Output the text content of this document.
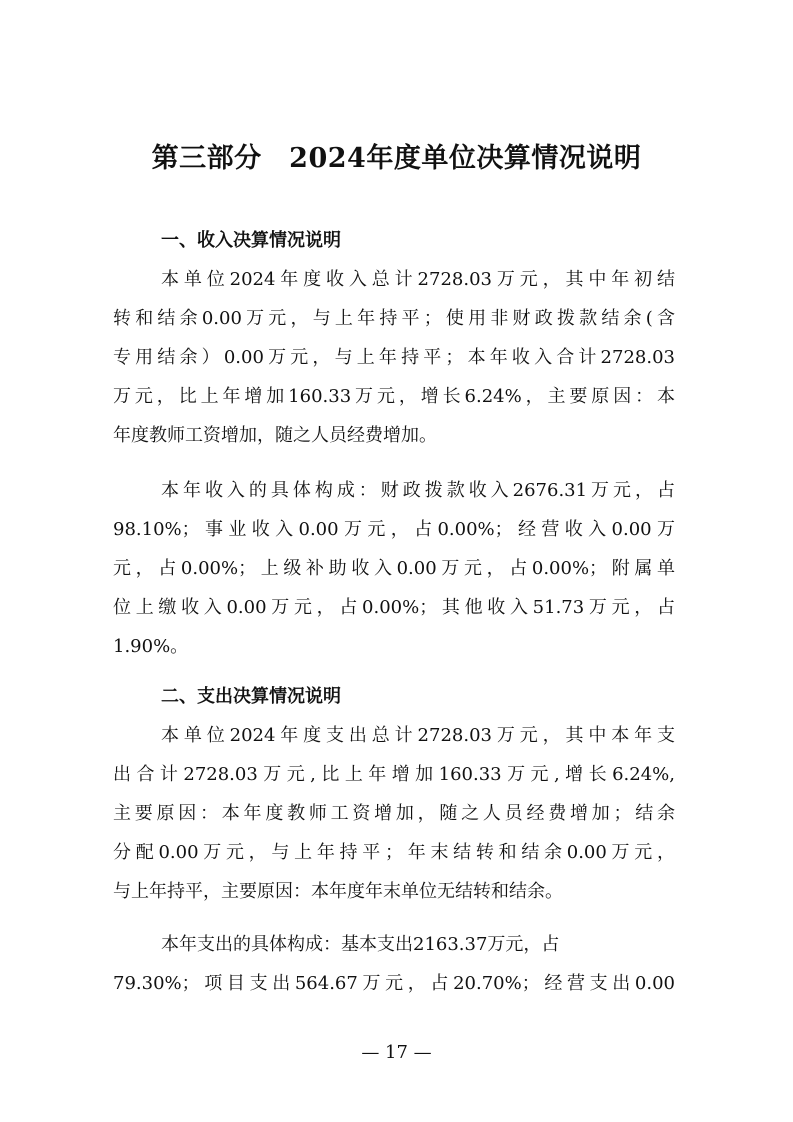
第三部分　2024年度单位决算情况说明
一、收入决算情况说明
本单位2024年度收入总计2728.03万元，其中年初结
转和结余0.00万元，与上年持平；使用非财政拨款结余(含
专用结余）0.00万元，与上年持平；本年收入合计2728.03
万元，比上年增加160.33万元，增长6.24%，主要原因：本
年度教师工资增加，随之人员经费增加。
本年收入的具体构成：财政拨款收入2676.31万元，占
98.10%；事业收入0.00万元，占0.00%；经营收入0.00万
元，占0.00%；上级补助收入0.00万元，占0.00%；附属单
位上缴收入0.00万元，占0.00%；其他收入51.73万元，占
1.90%。
二、支出决算情况说明
本单位2024年度支出总计2728.03万元，其中本年支
出合计2728.03万元,比上年增加160.33万元,增长6.24%,
主要原因：本年度教师工资增加，随之人员经费增加；结余
分配0.00万元，与上年持平；年末结转和结余0.00万元，
与上年持平，主要原因：本年度年末单位无结转和结余。
本年支出的具体构成：基本支出2163.37万元，占
79.30%；项目支出564.67万元，占20.70%；经营支出0.00
— 17 —
